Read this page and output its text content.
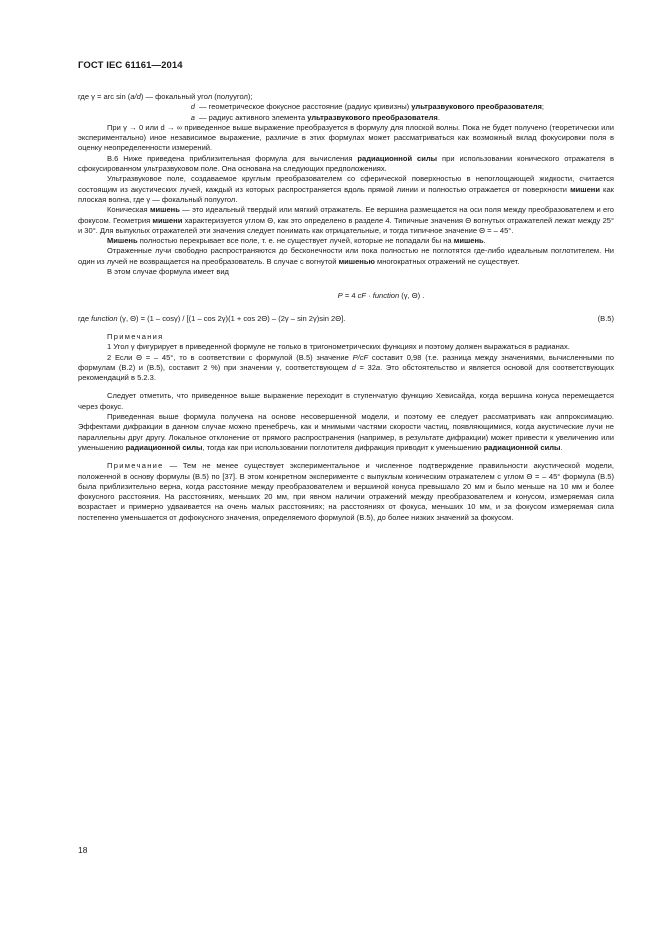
ГОСТ IEC 61161—2014
где γ = arc sin (a/d) — фокальный угол (полуугол);
d — геометрическое фокусное расстояние (радиус кривизны) ультразвукового преобразователя;
a — радиус активного элемента ультразвукового преобразователя.

При γ → 0 или d → ∞ приведенное выше выражение преобразуется в формулу для плоской волны. Пока не будет получено (теоретически или экспериментально) иное независимое выражение, различие в этих формулах может рассматриваться как возможный вклад фокусировки поля в оценку неопределенности измерений.

В.6 Ниже приведена приблизительная формула для вычисления радиационной силы при использовании конического отражателя в сфокусированном ультразвуковом поле. Она основана на следующих предположениях.

Ультразвуковое поле, создаваемое круглым преобразователем со сферической поверхностью в непоглощающей жидкости, считается состоящим из акустических лучей, каждый из которых распространяется вдоль прямой линии и полностью отражается от поверхности мишени как плоская волна, где γ — фокальный полуугол.

Коническая мишень — это идеальный твердый или мягкий отражатель. Ее вершина размещается на оси поля между преобразователем и его фокусом. Геометрия мишени характеризуется углом Θ, как это определено в разделе 4. Типичные значения Θ вогнутых отражателей лежат между 25° и 30°. Для выпуклых отражателей эти значения следует понимать как отрицательные, и тогда типичное значение Θ = – 45°.

Мишень полностью перекрывает все поле, т. е. не существует лучей, которые не попадали бы на мишень.

Отраженные лучи свободно распространяются до бесконечности или пока полностью не поглотятся где-либо идеальным поглотителем. Ни один из лучей не возвращается на преобразователь. В случае с вогнутой мишенью многократных отражений не существует.

В этом случае формула имеет вид

P = 4 cF · function (γ, Θ) .
где function (γ, Θ) = (1 – cosγ) / [(1 – cos 2γ)(1 + cos 2Θ) – (2γ – sin 2γ)sin 2Θ].	(В.5)

Примечания

1 Угол γ фигурирует в приведенной формуле не только в тригонометрических функциях и поэтому должен выражаться в радианах.

2 Если Θ = – 45°, то в соответствии с формулой (В.5) значение P/cF составит 0,98 (т.е. разница между значениями, вычисленными по формулам (В.2) и (В.5), составит 2 %) при значении γ, соответствующем d = 32a. Это обстоятельство и является основой для соответствующих рекомендаций в 5.2.3.

Следует отметить, что приведенное выше выражение переходит в ступенчатую функцию Хевисайда, когда вершина конуса перемещается через фокус.

Приведенная выше формула получена на основе несовершенной модели, и поэтому ее следует рассматривать как аппроксимацию. Эффектами дифракции в данном случае можно пренебречь, как и мнимыми частями скорости частиц, появляющимися, когда акустические лучи не параллельны друг другу. Локальное отклонение от прямого распространения (например, в результате дифракции) может привести к увеличению или уменьшению радиационной силы, тогда как при использовании поглотителя дифракция приводит к уменьшению радиационной силы.

Примечание — Тем не менее существует экспериментальное и численное подтверждение правильности акустической модели, положенной в основу формулы (В.5) по [37]. В этом конкретном эксперименте с выпуклым коническим отражателем с углом Θ = – 45° формула (В.5) была приблизительно верна, когда расстояние между преобразователем и вершиной конуса превышало 20 мм и было меньше на 10 мм и более фокусного расстояния. На расстояниях, меньших 20 мм, при явном наличии отражений между преобразователем и конусом, измеряемая сила возрастает и примерно удваивается на очень малых расстояниях; на расстояниях от фокуса, меньших 10 мм, и за фокусом измеряемая сила постепенно уменьшается от дофокусного значения, определяемого формулой (В.5), до более низких значений за фокусом.

18
